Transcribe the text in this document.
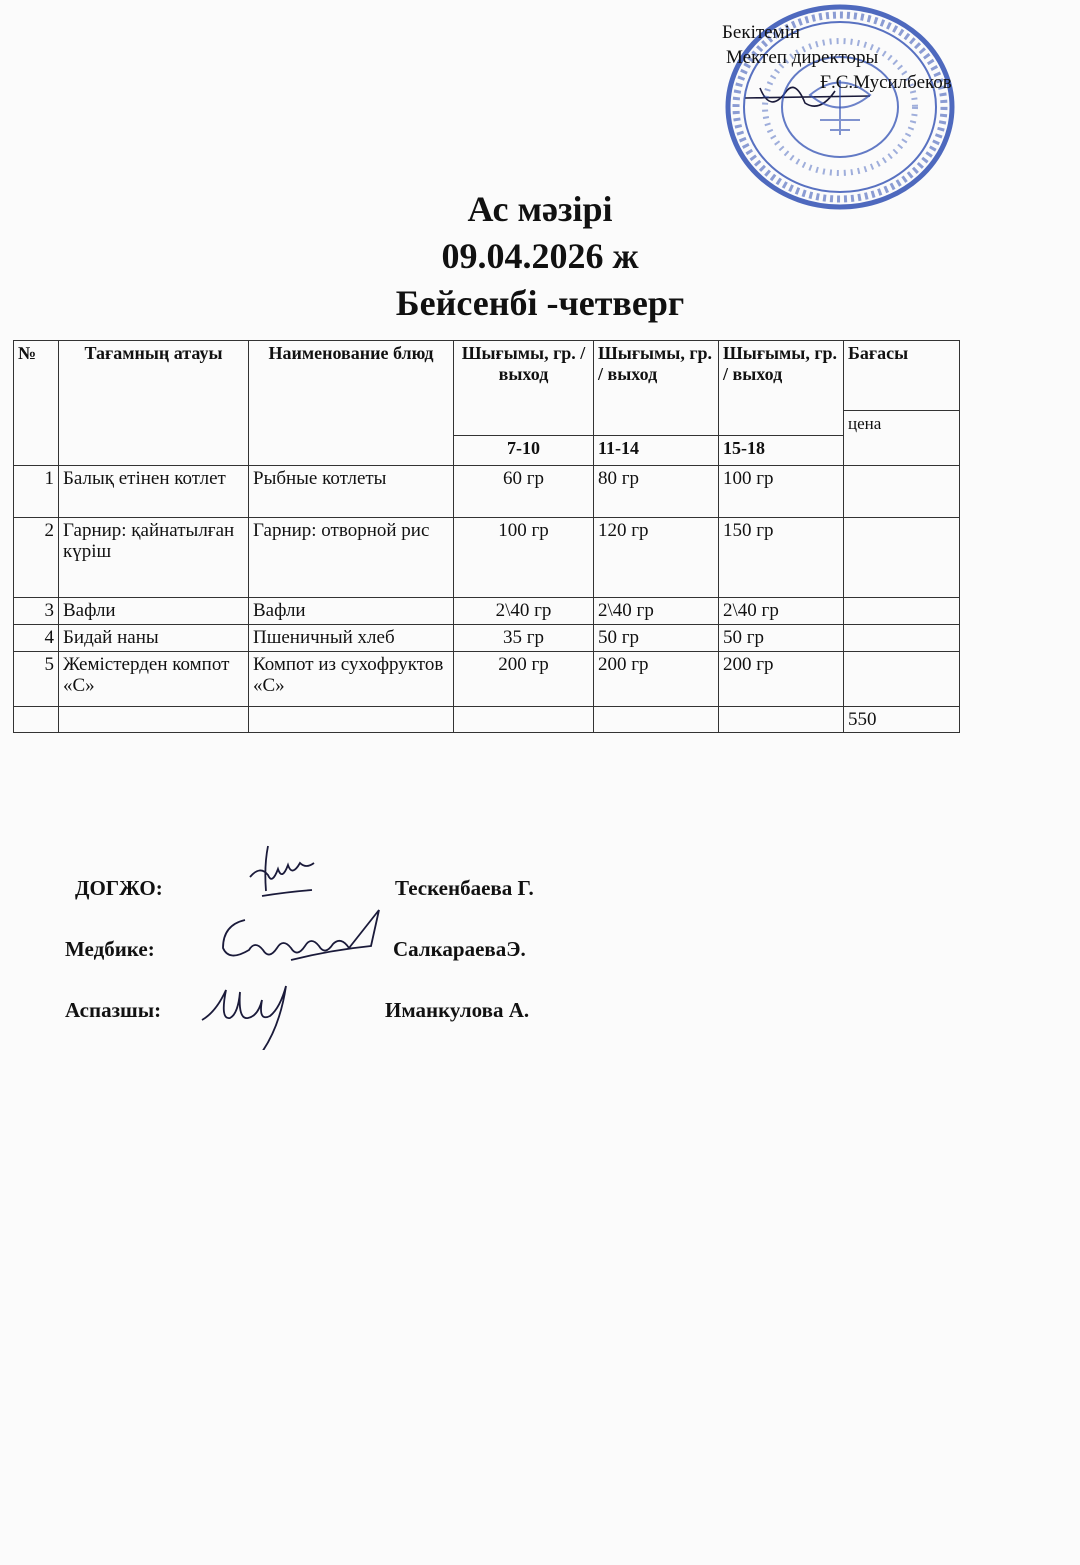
Бекітемін
Мектеп директоры
Ғ.С.Мусилбеков
Ас мәзірі
09.04.2026 ж
Бейсенбі -четверг
№	Тағамның атауы	Наименование блюд	Шығымы, гр. / выход	Шығымы, гр. / выход	Шығымы, гр. / выход	Бағасы
						цена
			7-10	11-14	15-18	
1	Балық етінен котлет	Рыбные котлеты	60 гр	80 гр	100 гр	
2	Гарнир: қайнатылған күріш	Гарнир: отворной рис	100 гр	120 гр	150 гр	
3	Вафли	Вафли	2\40 гр	2\40 гр	2\40 гр	
4	Бидай наны	Пшеничный хлеб	35 гр	50 гр	50 гр	
5	Жемістерден компот «С»	Компот из сухофруктов «С»	200 гр	200 гр	200 гр	
						550
ДОГЖО:	Тескенбаева Г.
Медбике:	СалкараеваЭ.
Аспазшы:	Иманкулова А.
